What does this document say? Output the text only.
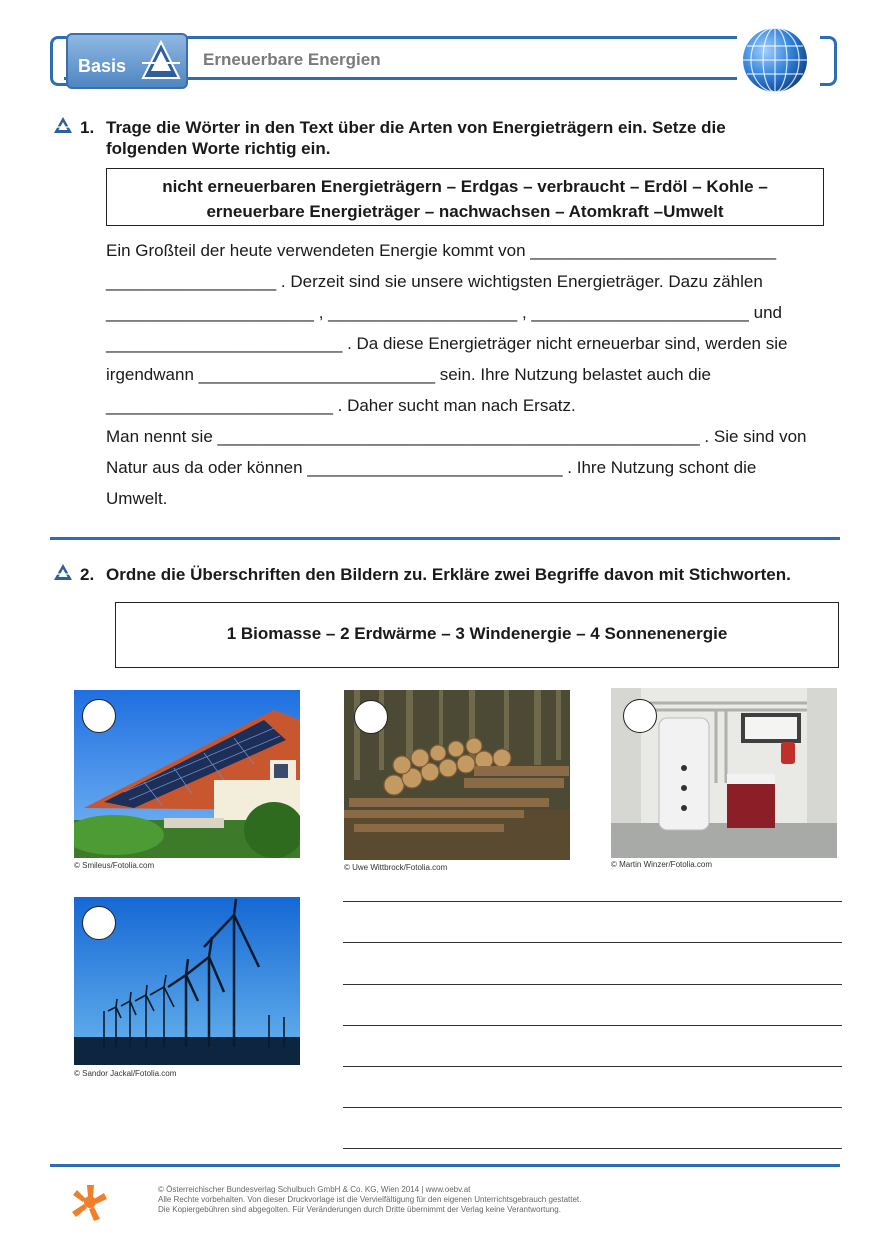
Basis	Erneuerbare Energien
1. Trage die Wörter in den Text über die Arten von Energieträgern ein. Setze die
folgenden Worte richtig ein.
nicht erneuerbaren Energieträgern – Erdgas – verbraucht – Erdöl – Kohle –
erneuerbare Energieträger – nachwachsen – Atomkraft –Umwelt
Ein Großteil der heute verwendeten Energie kommt von __________________________
__________________ . Derzeit sind sie unsere wichtigsten Energieträger. Dazu zählen
______________________ , ____________________ , _______________________ und
_________________________ . Da diese Energieträger nicht erneuerbar sind, werden sie
irgendwann _________________________ sein. Ihre Nutzung belastet auch die
________________________ . Daher sucht man nach Ersatz.
Man nennt sie ___________________________________________________ . Sie sind von
Natur aus da oder können ___________________________ . Ihre Nutzung schont die
Umwelt.
2. Ordne die Überschriften den Bildern zu. Erkläre zwei Begriffe davon mit Stichworten.
1 Biomasse – 2 Erdwärme – 3 Windenergie – 4 Sonnenenergie
© Smileus/Fotolia.com	© Uwe Wittbrock/Fotolia.com	© Martin Winzer/Fotolia.com
© Sandor Jackal/Fotolia.com
© Österreichischer Bundesverlag Schulbuch GmbH & Co. KG, Wien 2014 | www.oebv.at
Alle Rechte vorbehalten. Von dieser Druckvorlage ist die Vervielfältigung für den eigenen Unterrichtsgebrauch gestattet.
Die Kopiergebühren sind abgegolten. Für Veränderungen durch Dritte übernimmt der Verlag keine Verantwortung.
